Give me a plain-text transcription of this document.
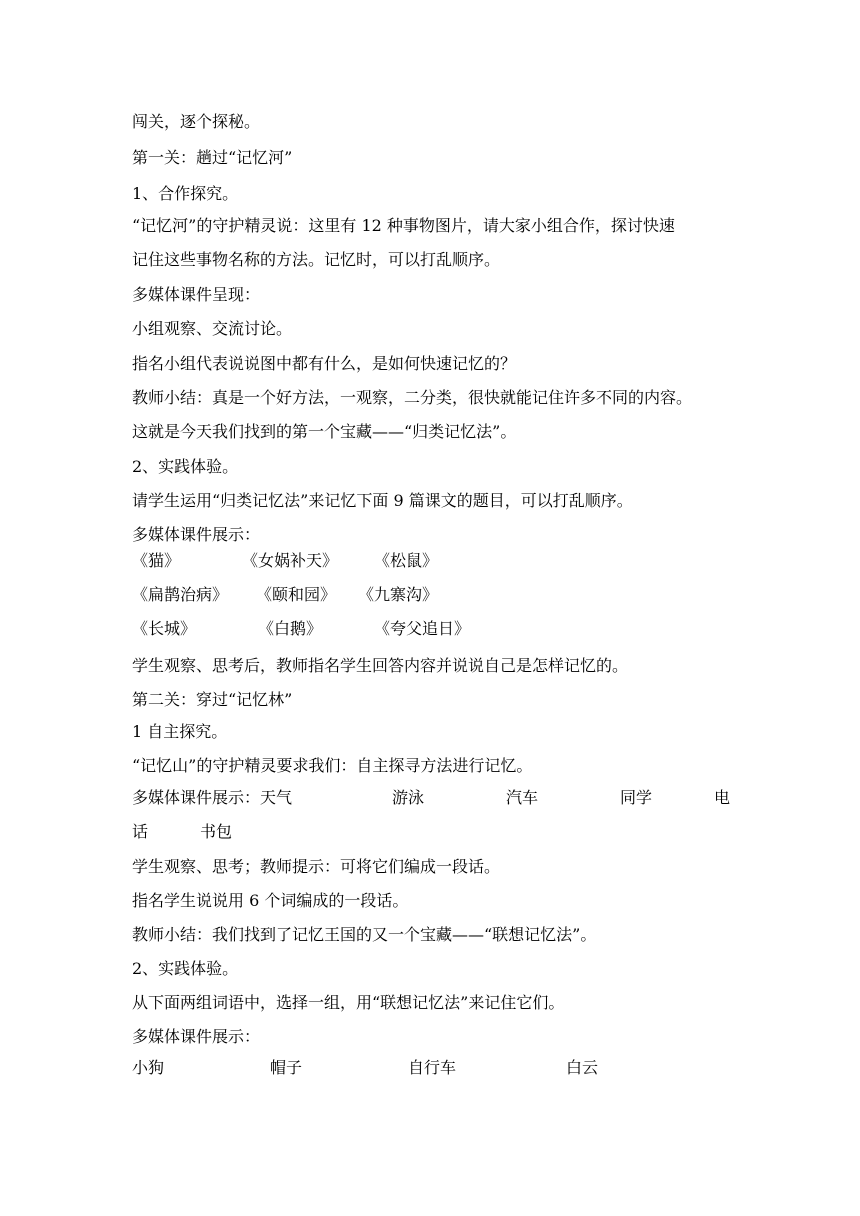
闯关，逐个探秘。
第一关：趟过“记忆河”
1、合作探究。
“记忆河”的守护精灵说：这里有 12 种事物图片，请大家小组合作，探讨快速
记住这些事物名称的方法。记忆时，可以打乱顺序。
多媒体课件呈现：
小组观察、交流讨论。
指名小组代表说说图中都有什么，是如何快速记忆的？
教师小结：真是一个好方法，一观察，二分类，很快就能记住许多不同的内容。
这就是今天我们找到的第一个宝藏——“归类记忆法”。
2、实践体验。
请学生运用“归类记忆法”来记忆下面 9 篇课文的题目，可以打乱顺序。
多媒体课件展示：
《猫》	《女娲补天》 《松鼠》
《扁鹊治病》 《颐和园》 《九寨沟》
《长城》	《白鹅》	《夸父追日》
学生观察、思考后，教师指名学生回答内容并说说自己是怎样记忆的。
第二关：穿过“记忆林”
1 自主探究。
“记忆山”的守护精灵要求我们：自主探寻方法进行记忆。
多媒体课件展示：天气	游泳	汽车	同学	电
话	书包
学生观察、思考；教师提示：可将它们编成一段话。
指名学生说说用 6 个词编成的一段话。
教师小结：我们找到了记忆王国的又一个宝藏——“联想记忆法”。
2、实践体验。
从下面两组词语中，选择一组，用“联想记忆法”来记住它们。
多媒体课件展示：
小狗	帽子	自行车	白云
